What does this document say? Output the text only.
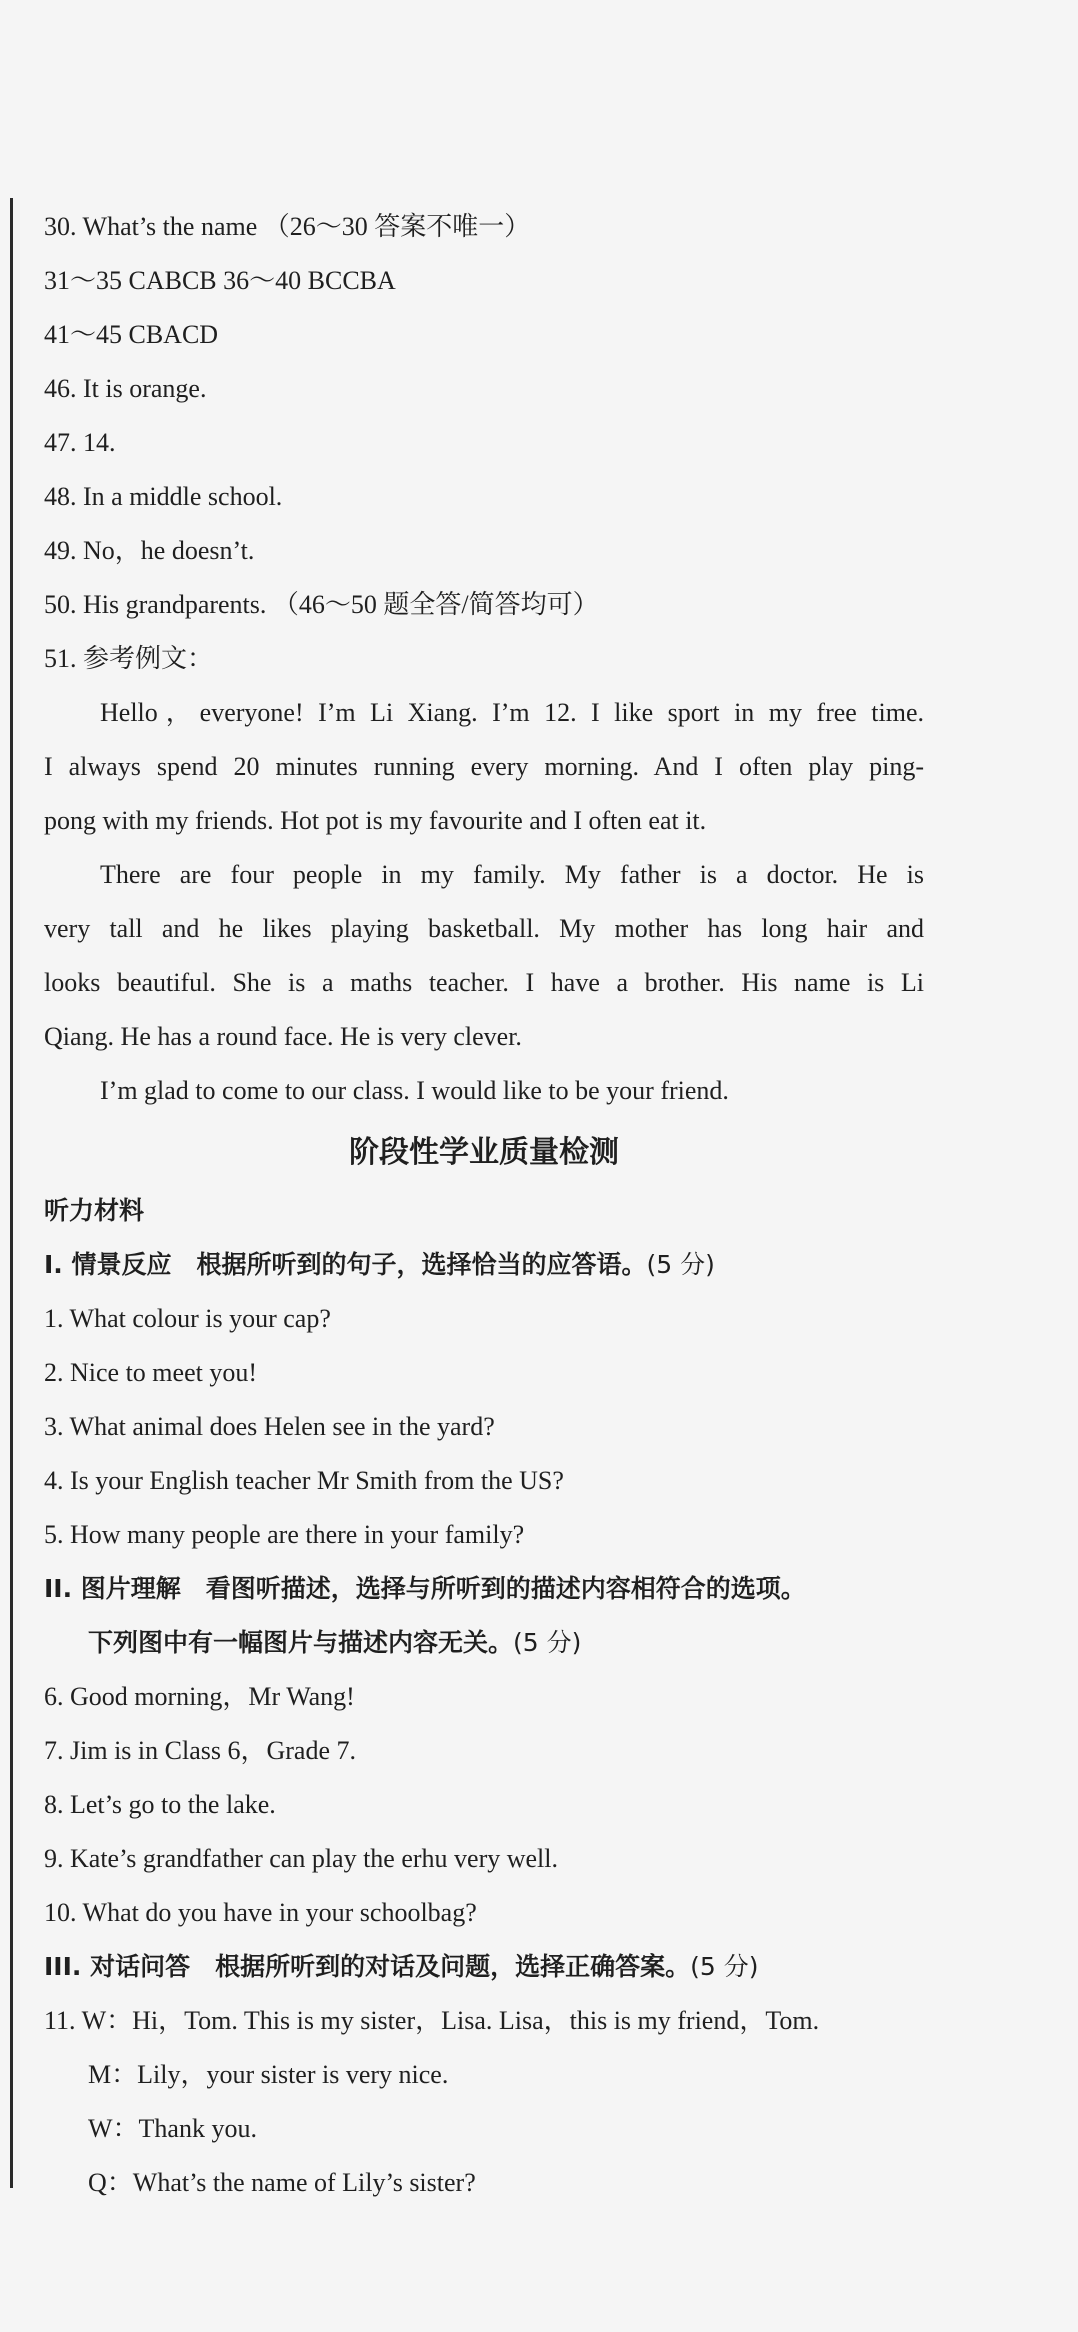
30. What’s the name （26～30 答案不唯一）
31～35 CABCB 36～40 BCCBA
41～45 CBACD
46. It is orange.
47. 14.
48. In a middle school.
49. No，he doesn’t.
50. His grandparents. （46～50 题全答/简答均可）
51. 参考例文：
Hello，everyone! I’m Li Xiang. I’m 12. I like sport in my free time.
I always spend 20 minutes running every morning. And I often play ping-
pong with my friends. Hot pot is my favourite and I often eat it.
There are four people in my family. My father is a doctor. He is
very tall and he likes playing basketball. My mother has long hair and
looks beautiful. She is a maths teacher. I have a brother. His name is Li
Qiang. He has a round face. He is very clever.
I’m glad to come to our class. I would like to be your friend.
阶段性学业质量检测
听力材料
I. 情景反应　根据所听到的句子，选择恰当的应答语。(5 分)
1. What colour is your cap?
2. Nice to meet you!
3. What animal does Helen see in the yard?
4. Is your English teacher Mr Smith from the US?
5. How many people are there in your family?
II. 图片理解　看图听描述，选择与所听到的描述内容相符合的选项。
下列图中有一幅图片与描述内容无关。(5 分)
6. Good morning，Mr Wang!
7. Jim is in Class 6，Grade 7.
8. Let’s go to the lake.
9. Kate’s grandfather can play the erhu very well.
10. What do you have in your schoolbag?
III. 对话问答　根据所听到的对话及问题，选择正确答案。(5 分)
11. W：Hi，Tom. This is my sister，Lisa. Lisa，this is my friend，Tom.
M：Lily，your sister is very nice.
W：Thank you.
Q：What’s the name of Lily’s sister?
